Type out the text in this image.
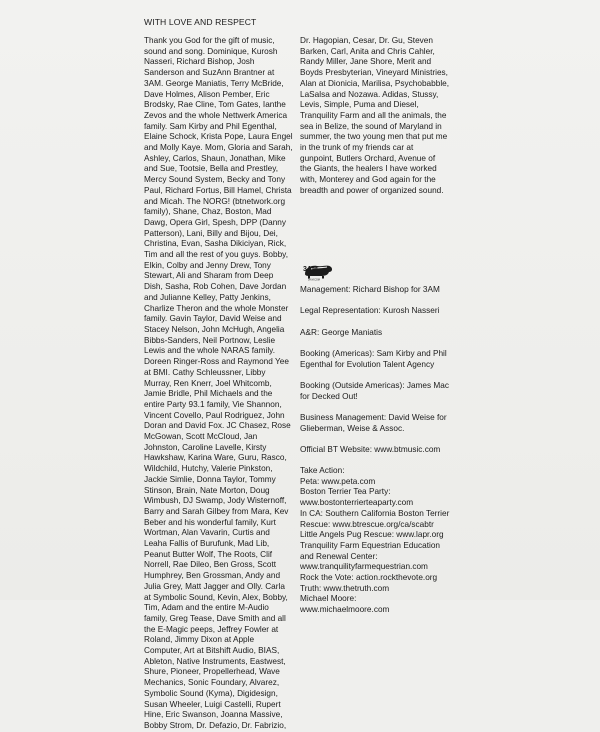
WITH LOVE AND RESPECT
Thank you God for the gift of music,
sound and song. Dominique, Kurosh
Nasseri, Richard Bishop, Josh
Sanderson and SuzAnn Brantner at
3AM. George Maniatis, Terry McBride,
Dave Holmes, Alison Pember, Eric
Brodsky, Rae Cline, Tom Gates, Ianthe
Zevos and the whole Nettwerk America
family. Sam Kirby and Phil Egenthal,
Elaine Schock, Krista Pope, Laura Engel
and Molly Kaye. Mom, Gloria and Sarah,
Ashley, Carlos, Shaun, Jonathan, Mike
and Sue, Tootsie, Bella and Prestley,
Mercy Sound System, Becky and Tony
Paul, Richard Fortus, Bill Hamel, Christa
and Micah. The NORG! (btnetwork.org
family), Shane, Chaz, Boston, Mad
Dawg, Opera Girl, Spesh, DPP (Danny
Patterson), Lani, Billy and Bijou, Dei,
Christina, Evan, Sasha Dikiciyan, Rick,
Tim and all the rest of you guys. Bobby,
Elkin, Colby and Jenny Drew, Tony
Stewart, Ali and Sharam from Deep
Dish, Sasha, Rob Cohen, Dave Jordan
and Julianne Kelley, Patty Jenkins,
Charlize Theron and the whole Monster
family. Gavin Taylor, David Weise and
Stacey Nelson, John McHugh, Angelia
Bibbs-Sanders, Neil Portnow, Leslie
Lewis and the whole NARAS family.
Doreen Ringer-Ross and Raymond Yee
at BMI. Cathy Schleussner, Libby
Murray, Ren Knerr, Joel Whitcomb,
Jamie Bridle, Phil Michaels and the
entire Party 93.1 family, Vie Shannon,
Vincent Covello, Paul Rodriguez, John
Doran and David Fox. JC Chasez, Rose
McGowan, Scott McCloud, Jan
Johnston, Caroline Lavelle, Kirsty
Hawkshaw, Karina Ware, Guru, Rasco,
Wildchild, Hutchy, Valerie Pinkston,
Jackie Simlie, Donna Taylor, Tommy
Stinson, Brain, Nate Morton, Doug
Wimbush, DJ Swamp, Jody Wisternoff,
Barry and Sarah Gilbey from Mara, Kev
Beber and his wonderful family, Kurt
Wortman, Alan Vavarin, Curtis and
Leaha Fallis of Burufunk, Mad Lib,
Peanut Butter Wolf, The Roots, Clif
Norrell, Rae Dileo, Ben Gross, Scott
Humphrey, Ben Grossman, Andy and
Julia Grey, Matt Jagger and Olly. Carla
at Symbolic Sound, Kevin, Alex, Bobby,
Tim, Adam and the entire M-Audio
family, Greg Tease, Dave Smith and all
the E-Magic peeps, Jeffrey Fowler at
Roland, Jimmy Dixon at Apple
Computer, Art at Bitshift Audio, BIAS,
Ableton, Native Instruments, Eastwest,
Shure, Pioneer, Propellerhead, Wave
Mechanics, Sonic Foundary, Alvarez,
Symbolic Sound (Kyma), Digidesign,
Susan Wheeler, Luigi Castelli, Rupert
Hine, Eric Swanson, Joanna Massive,
Bobby Strom, Dr. Defazio, Dr. Fabrizio,
Dr. Hagopian, Cesar, Dr. Gu, Steven
Barken, Carl, Anita and Chris Cahler,
Randy Miller, Jane Shore, Merit and
Boyds Presbyterian, Vineyard Ministries,
Alan at Dionicia, Marilisa, Psychobabble,
LaSalsa and Nozawa. Adidas, Stussy,
Levis, Simple, Puma and Diesel,
Tranquility Farm and all the animals, the
sea in Belize, the sound of Maryland in
summer, the two young men that put me
in the trunk of my friends car at
gunpoint, Butlers Orchard, Avenue of
the Giants, the healers I have worked
with, Monterey and God again for the
breadth and power of organized sound.
3AM
3A.M.COM
Management: Richard Bishop for 3AM
Legal Representation: Kurosh Nasseri
A&R: George Maniatis
Booking (Americas): Sam Kirby and Phil
Egenthal for Evolution Talent Agency
Booking (Outside Americas): James Mac
for Decked Out!
Business Management: David Weise for
Glieberman, Weise & Assoc.
Official BT Website: www.btmusic.com
Take Action:
Peta: www.peta.com
Boston Terrier Tea Party:
www.bostonterrierteaparty.com
In CA: Southern California Boston Terrier
Rescue: www.btrescue.org/ca/scabtr
Little Angels Pug Rescue: www.lapr.org
Tranquility Farm Equestrian Education
and Renewal Center:
www.tranquilityfarmequestrian.com
Rock the Vote: action.rockthevote.org
Truth: www.thetruth.com
Michael Moore:
www.michaelmoore.com
